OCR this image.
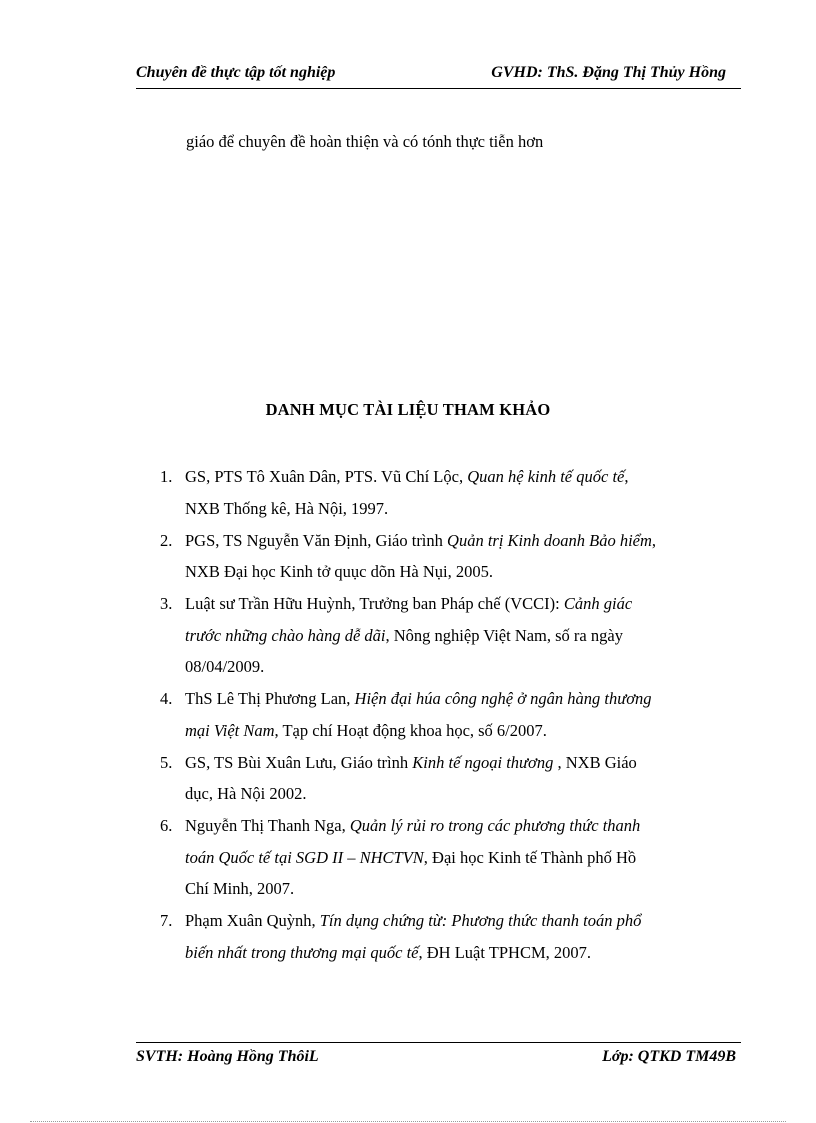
Chuyên đề thực tập tốt nghiệp	GVHD: ThS. Đặng Thị Thủy Hồng
giáo để chuyên đề hoàn thiện và có tónh thực tiễn hơn
DANH MỤC TÀI LIỆU THAM KHẢO
1. GS, PTS Tô Xuân Dân, PTS. Vũ Chí Lộc, Quan hệ kinh tế quốc tế,
NXB Thống kê, Hà Nội, 1997.
2. PGS, TS Nguyễn Văn Định, Giáo trình Quản trị Kinh doanh Bảo hiểm,
NXB Đại học Kinh tở quục dõn Hà Nụi, 2005.
3. Luật sư Trần Hữu Huỳnh, Trưởng ban Pháp chế (VCCI): Cảnh giác
trước những chào hàng dễ dãi, Nông nghiệp Việt Nam, số ra ngày
08/04/2009.
4. ThS Lê Thị Phương Lan, Hiện đại húa công nghệ ở ngân hàng thương
mại Việt Nam, Tạp chí Hoạt động khoa học, số 6/2007.
5. GS, TS Bùi Xuân Lưu, Giáo trình Kinh tế ngoại thương , NXB Giáo
dục, Hà Nội 2002.
6. Nguyễn Thị Thanh Nga, Quản lý rủi ro trong các phương thức thanh
toán Quốc tế tại SGD II – NHCTVN, Đại học Kinh tế Thành phố Hồ
Chí Minh, 2007.
7. Phạm Xuân Quỳnh, Tín dụng chứng từ: Phương thức thanh toán phổ
biến nhất trong thương mại quốc tế, ĐH Luật TPHCM, 2007.
SVTH: Hoàng Hồng ThôiL	Lớp: QTKD TM49B
